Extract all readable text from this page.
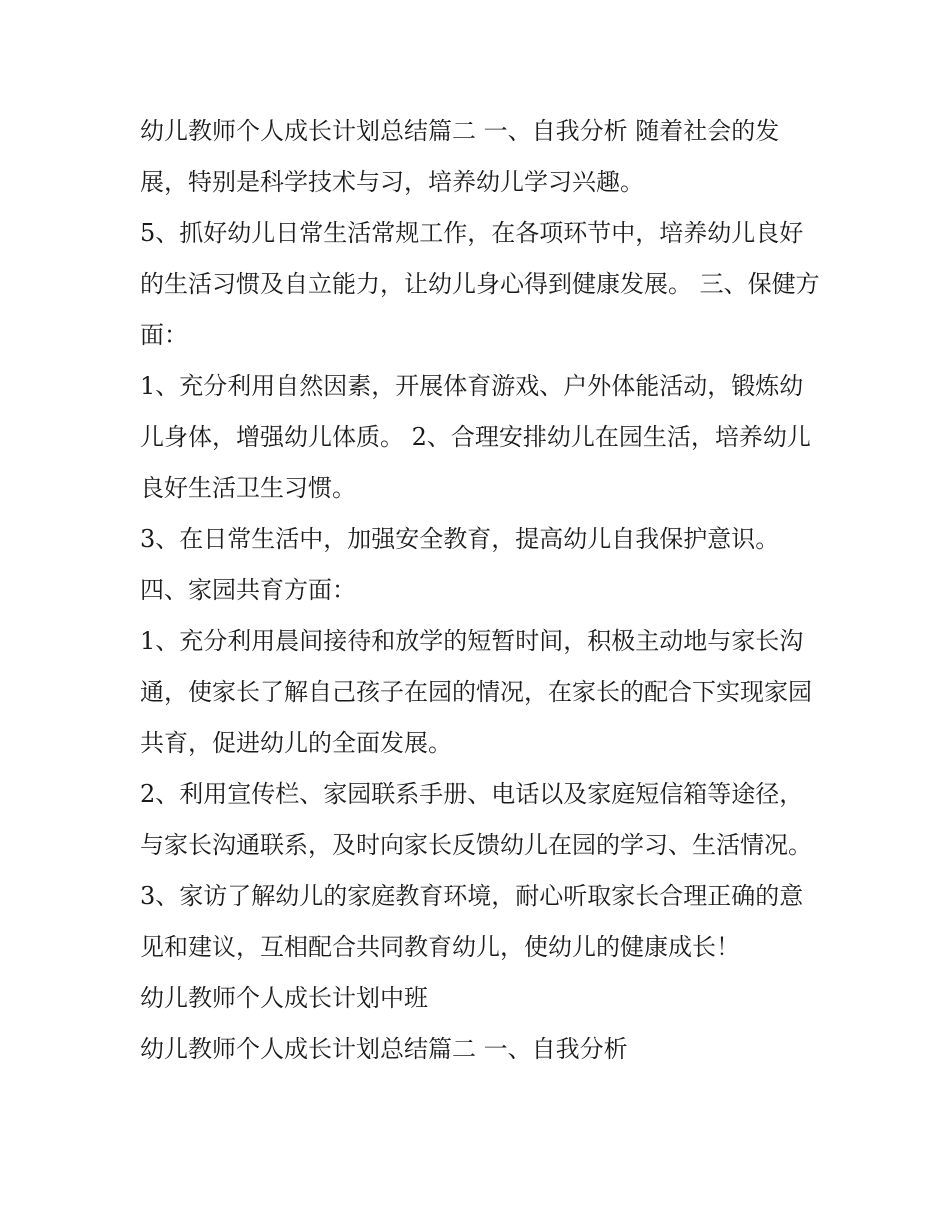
幼儿教师个人成长计划总结篇二 一、自我分析 随着社会的发展，特别是科学技术与习，培养幼儿学习兴趣。

5、抓好幼儿日常生活常规工作，在各项环节中，培养幼儿良好的生活习惯及自立能力，让幼儿身心得到健康发展。 三、保健方面：

1、充分利用自然因素，开展体育游戏、户外体能活动，锻炼幼儿身体，增强幼儿体质。 2、合理安排幼儿在园生活，培养幼儿良好生活卫生习惯。

3、在日常生活中，加强安全教育，提高幼儿自我保护意识。

四、家园共育方面：

1、充分利用晨间接待和放学的短暂时间，积极主动地与家长沟通，使家长了解自己孩子在园的情况，在家长的配合下实现家园共育，促进幼儿的全面发展。

2、利用宣传栏、家园联系手册、电话以及家庭短信箱等途径，与家长沟通联系，及时向家长反馈幼儿在园的学习、生活情况。

3、家访了解幼儿的家庭教育环境，耐心听取家长合理正确的意见和建议，互相配合共同教育幼儿，使幼儿的健康成长！

幼儿教师个人成长计划中班

幼儿教师个人成长计划总结篇二 一、自我分析
